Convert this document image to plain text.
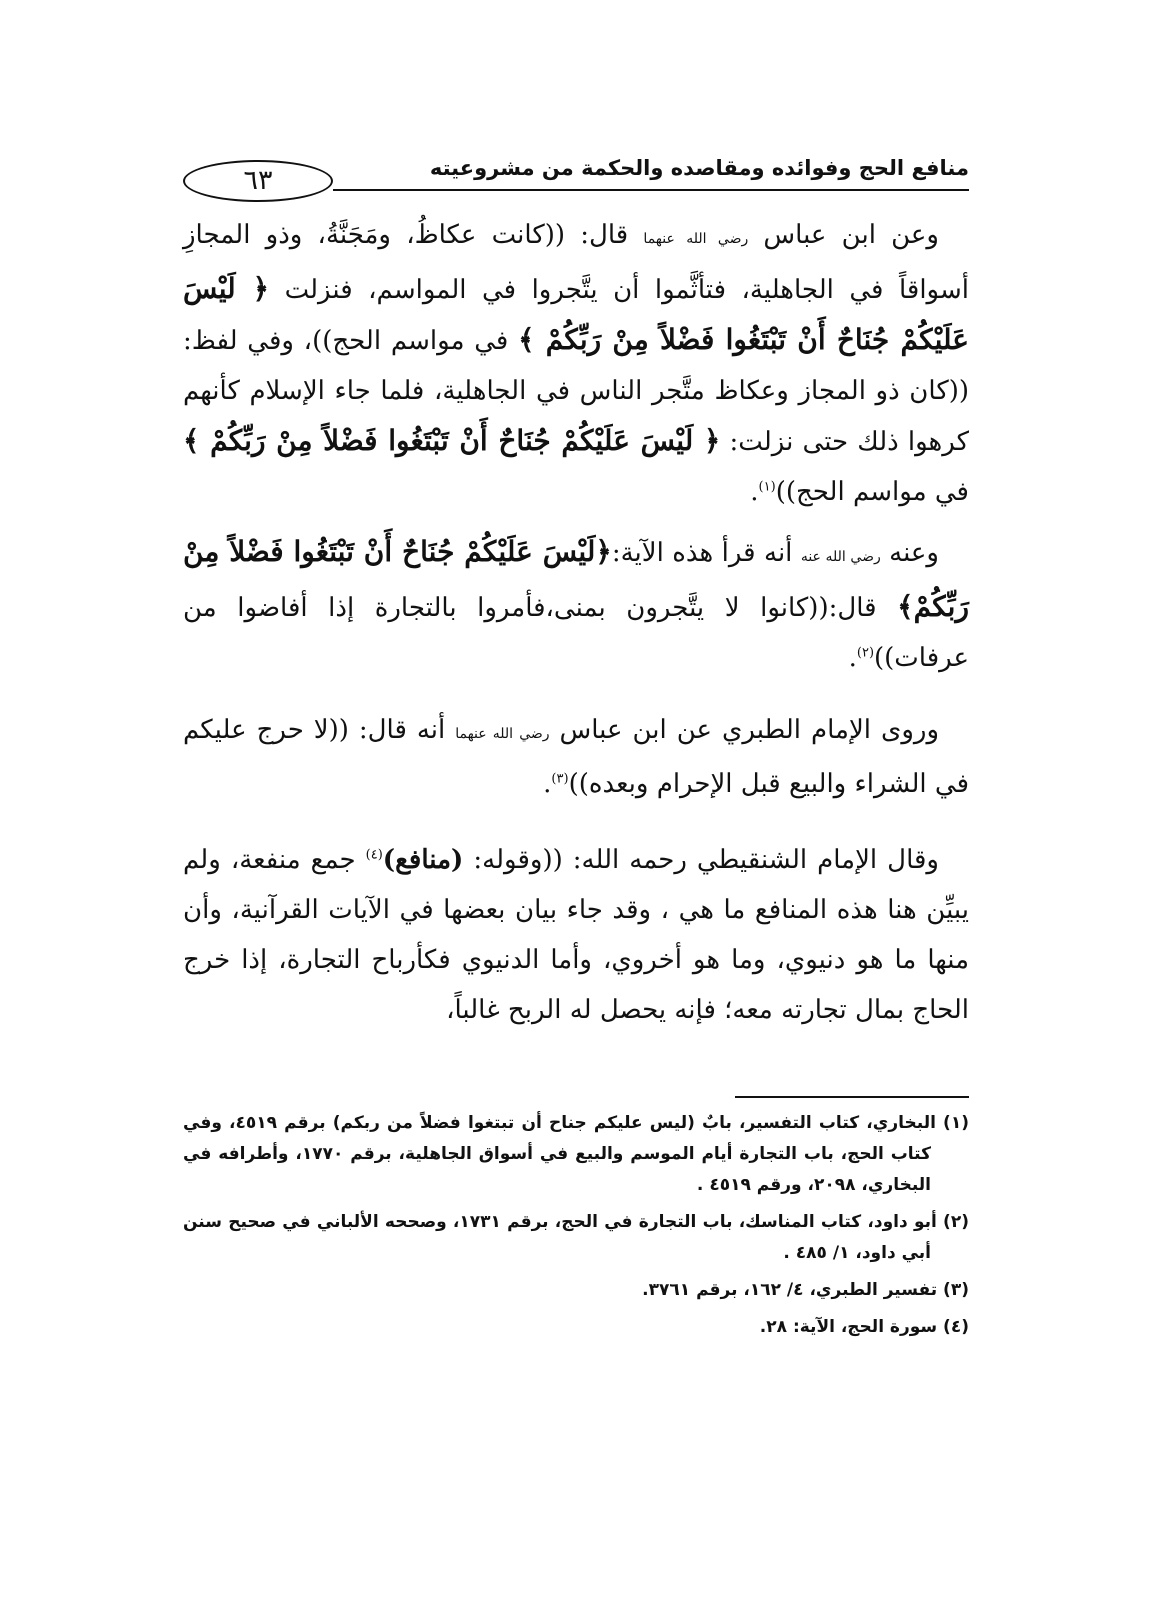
منافع الحج وفوائده ومقاصده والحكمة من مشروعيته
٦٣

وعن ابن عباس رضي الله عنهما قال: ((كانت عكاظُ، ومَجَنَّةُ، وذو المجازِ أسواقاً في الجاهلية، فتأثَّموا أن يتَّجروا في المواسم، فنزلت ﴿ لَيْسَ عَلَيْكُمْ جُنَاحٌ أَنْ تَبْتَغُوا فَضْلاً مِنْ رَبِّكُمْ ﴾ في مواسم الحج))، وفي لفظ: ((كان ذو المجاز وعكاظ متَّجر الناس في الجاهلية، فلما جاء الإسلام كأنهم كرهوا ذلك حتى نزلت: ﴿ لَيْسَ عَلَيْكُمْ جُنَاحٌ أَنْ تَبْتَغُوا فَضْلاً مِنْ رَبِّكُمْ ﴾ في مواسم الحج))$^{(١)}$.

وعنه رضي الله عنه أنه قرأ هذه الآية:﴿لَيْسَ عَلَيْكُمْ جُنَاحٌ أَنْ تَبْتَغُوا فَضْلاً مِنْ رَبِّكُمْ﴾ قال:((كانوا لا يتَّجرون بمنى،فأمروا بالتجارة إذا أفاضوا من عرفات))$^{(٢)}$.

وروى الإمام الطبري عن ابن عباس رضي الله عنهما أنه قال: ((لا حرج عليكم في الشراء والبيع قبل الإحرام وبعده))$^{(٣)}$.

وقال الإمام الشنقيطي رحمه الله: ((وقوله: (منافع)$^{(٤)}$ جمع منفعة، ولم يبيِّن هنا هذه المنافع ما هي ، وقد جاء بيان بعضها في الآيات القرآنية، وأن منها ما هو دنيوي، وما هو أخروي، وأما الدنيوي فكأرباح التجارة، إذا خرج الحاج بمال تجارته معه؛ فإنه يحصل له الربح غالباً،

(١) البخاري، كتاب التفسير، بابٌ (ليس عليكم جناح أن تبتغوا فضلاً من ربكم) برقم ٤٥١٩، وفي كتاب الحج، باب التجارة أيام الموسم والبيع في أسواق الجاهلية، برقم ١٧٧٠، وأطرافه في البخاري، ٢٠٩٨، ورقم ٤٥١٩ .

(٢) أبو داود، كتاب المناسك، باب التجارة في الحج، برقم ١٧٣١، وصححه الألباني في صحيح سنن أبي داود، ١/ ٤٨٥ .

(٣) تفسير الطبري، ٤/ ١٦٢، برقم ٣٧٦١.

(٤) سورة الحج، الآية: ٢٨.
